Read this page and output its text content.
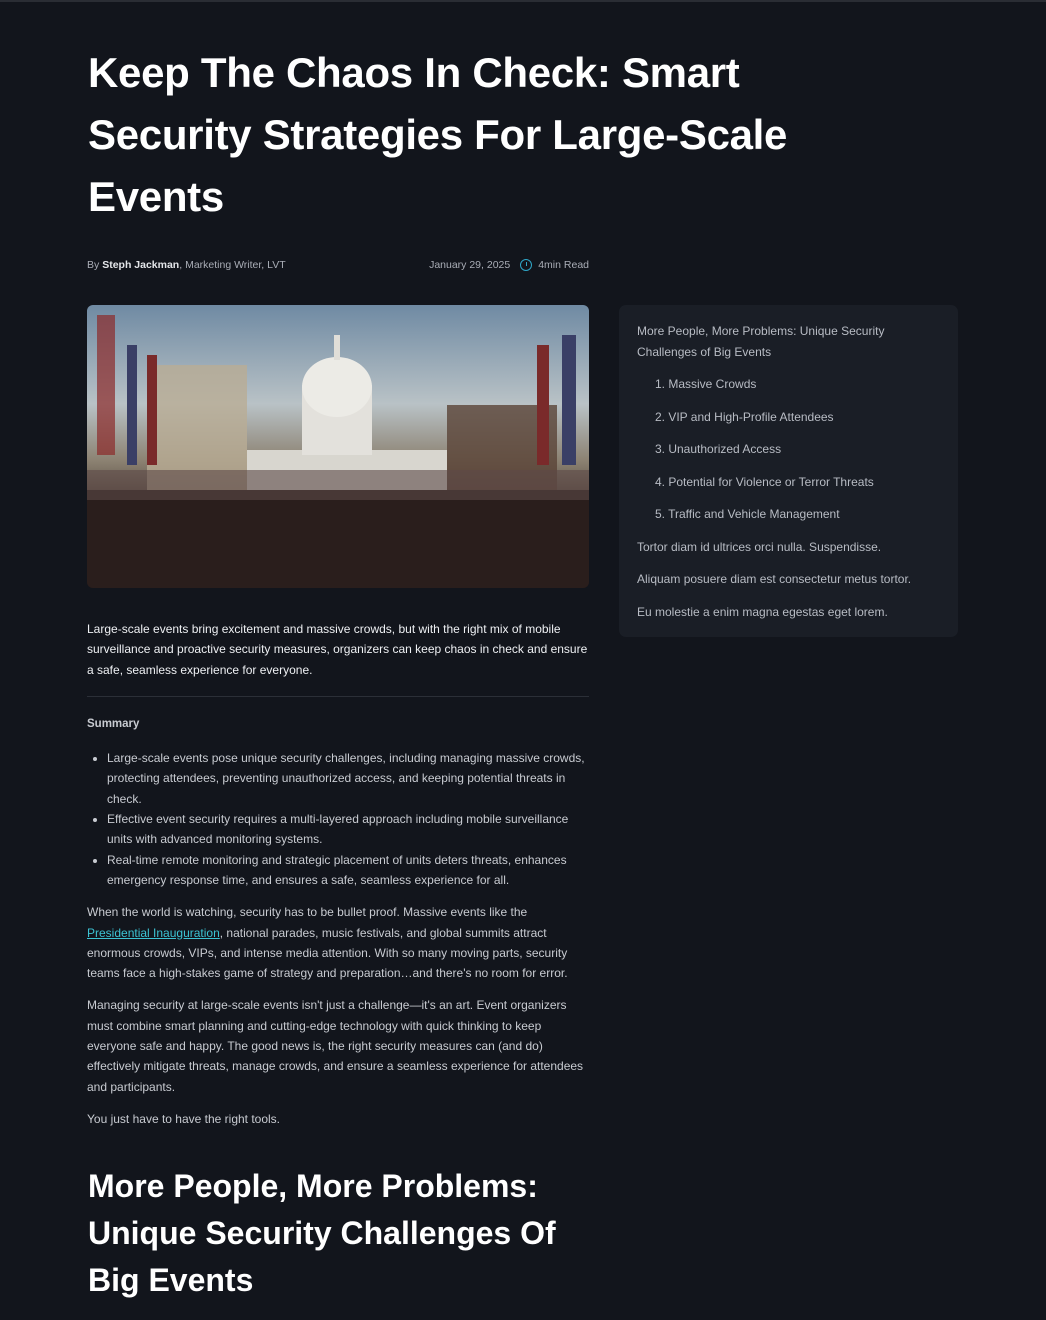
Keep The Chaos In Check: Smart Security Strategies For Large-Scale Events
By Steph Jackman, Marketing Writer, LVT	January 29, 2025	4min Read
Large-scale events bring excitement and massive crowds, but with the right mix of mobile surveillance and proactive security measures, organizers can keep chaos in check and ensure a safe, seamless experience for everyone.
Summary
• Large-scale events pose unique security challenges, including managing massive crowds, protecting attendees, preventing unauthorized access, and keeping potential threats in check.
• Effective event security requires a multi-layered approach including mobile surveillance units with advanced monitoring systems.
• Real-time remote monitoring and strategic placement of units deters threats, enhances emergency response time, and ensures a safe, seamless experience for all.

When the world is watching, security has to be bullet proof. Massive events like the Presidential Inauguration, national parades, music festivals, and global summits attract enormous crowds, VIPs, and intense media attention. With so many moving parts, security teams face a high-stakes game of strategy and preparation…and there's no room for error.

Managing security at large-scale events isn't just a challenge—it's an art. Event organizers must combine smart planning and cutting-edge technology with quick thinking to keep everyone safe and happy. The good news is, the right security measures can (and do) effectively mitigate threats, manage crowds, and ensure a seamless experience for attendees and participants.

You just have to have the right tools.

More People, More Problems: Unique Security Challenges Of Big Events
More People, More Problems: Unique Security Challenges of Big Events
1. Massive Crowds
2. VIP and High-Profile Attendees
3. Unauthorized Access
4. Potential for Violence or Terror Threats
5. Traffic and Vehicle Management
Tortor diam id ultrices orci nulla. Suspendisse.
Aliquam posuere diam est consectetur metus tortor.
Eu molestie a enim magna egestas eget lorem.
